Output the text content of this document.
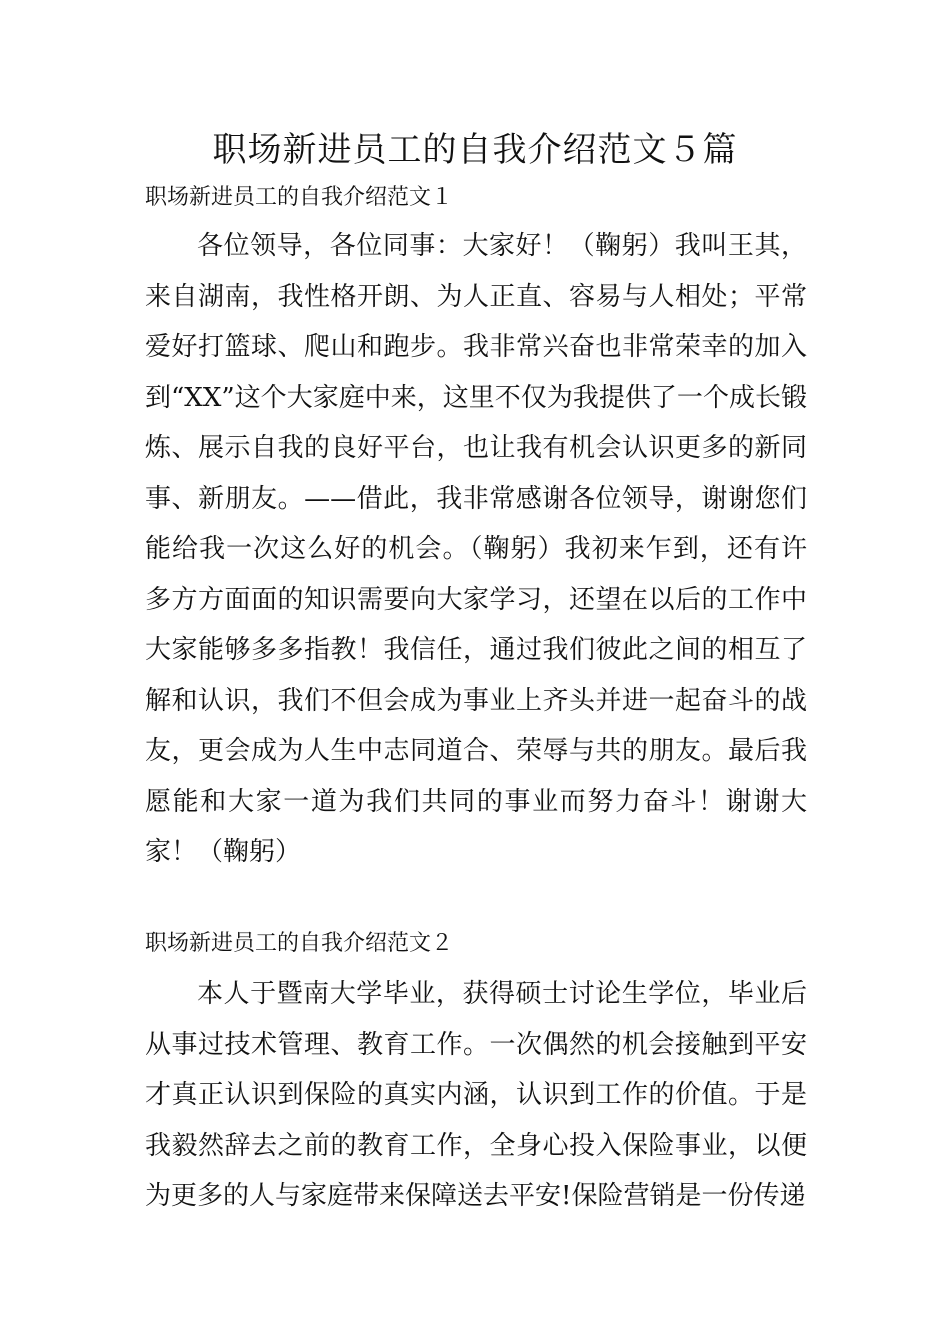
职场新进员工的自我介绍范文５篇
职场新进员工的自我介绍范文１

各位领导，各位同事：大家好！（鞠躬）我叫王其，来自湖南，我性格开朗、为人正直、容易与人相处；平常爱好打篮球、爬山和跑步。我非常兴奋也非常荣幸的加入到“XX”这个大家庭中来，这里不仅为我提供了一个成长锻炼、展示自我的良好平台，也让我有机会认识更多的新同事、新朋友。——借此，我非常感谢各位领导，谢谢您们能给我一次这么好的机会。（鞠躬）我初来乍到，还有许多方方面面的知识需要向大家学习，还望在以后的工作中大家能够多多指教！我信任，通过我们彼此之间的相互了解和认识，我们不但会成为事业上齐头并进一起奋斗的战友，更会成为人生中志同道合、荣辱与共的朋友。最后我愿能和大家一道为我们共同的事业而努力奋斗！谢谢大家！（鞠躬）

职场新进员工的自我介绍范文２

本人于暨南大学毕业，获得硕士讨论生学位，毕业后从事过技术管理、教育工作。一次偶然的机会接触到平安才真正认识到保险的真实内涵，认识到工作的价值。于是我毅然辞去之前的教育工作，全身心投入保险事业，以便为更多的人与家庭带来保障送去平安!保险营销是一份传递
